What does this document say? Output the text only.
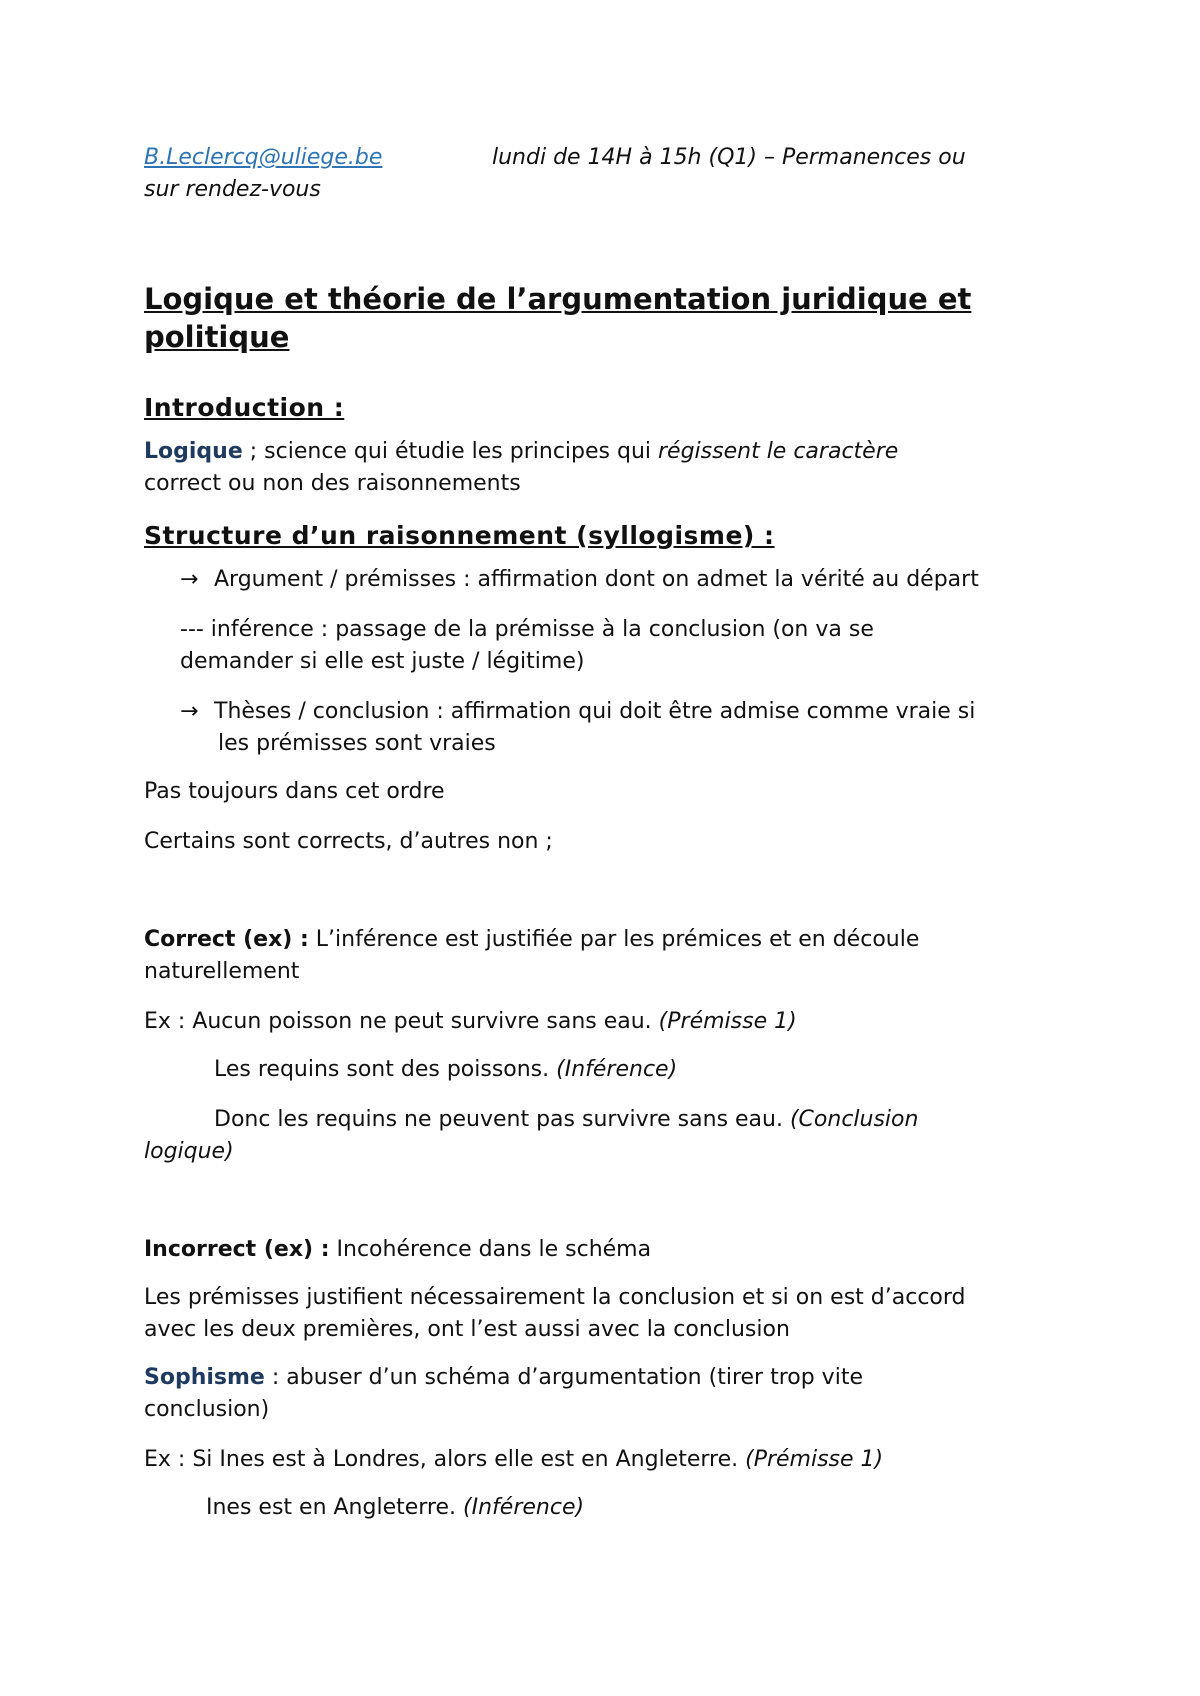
B.Leclercq@uliege.be	lundi de 14H à 15h (Q1) – Permanences ou
sur rendez-vous
Logique et théorie de l’argumentation juridique et
politique
Introduction :
Logique ; science qui étudie les principes qui régissent le caractère
correct ou non des raisonnements
Structure d’un raisonnement (syllogisme) :
→ Argument / prémisses : affirmation dont on admet la vérité au départ
--- inférence : passage de la prémisse à la conclusion (on va se
demander si elle est juste / légitime)
→ Thèses / conclusion : affirmation qui doit être admise comme vraie si
les prémisses sont vraies
Pas toujours dans cet ordre
Certains sont corrects, d’autres non ;
Correct (ex) : L’inférence est justifiée par les prémices et en découle
naturellement
Ex : Aucun poisson ne peut survivre sans eau. (Prémisse 1)
Les requins sont des poissons. (Inférence)
Donc les requins ne peuvent pas survivre sans eau. (Conclusion
logique)
Incorrect (ex) : Incohérence dans le schéma
Les prémisses justifient nécessairement la conclusion et si on est d’accord
avec les deux premières, ont l’est aussi avec la conclusion
Sophisme : abuser d’un schéma d’argumentation (tirer trop vite
conclusion)
Ex : Si Ines est à Londres, alors elle est en Angleterre. (Prémisse 1)
Ines est en Angleterre. (Inférence)
